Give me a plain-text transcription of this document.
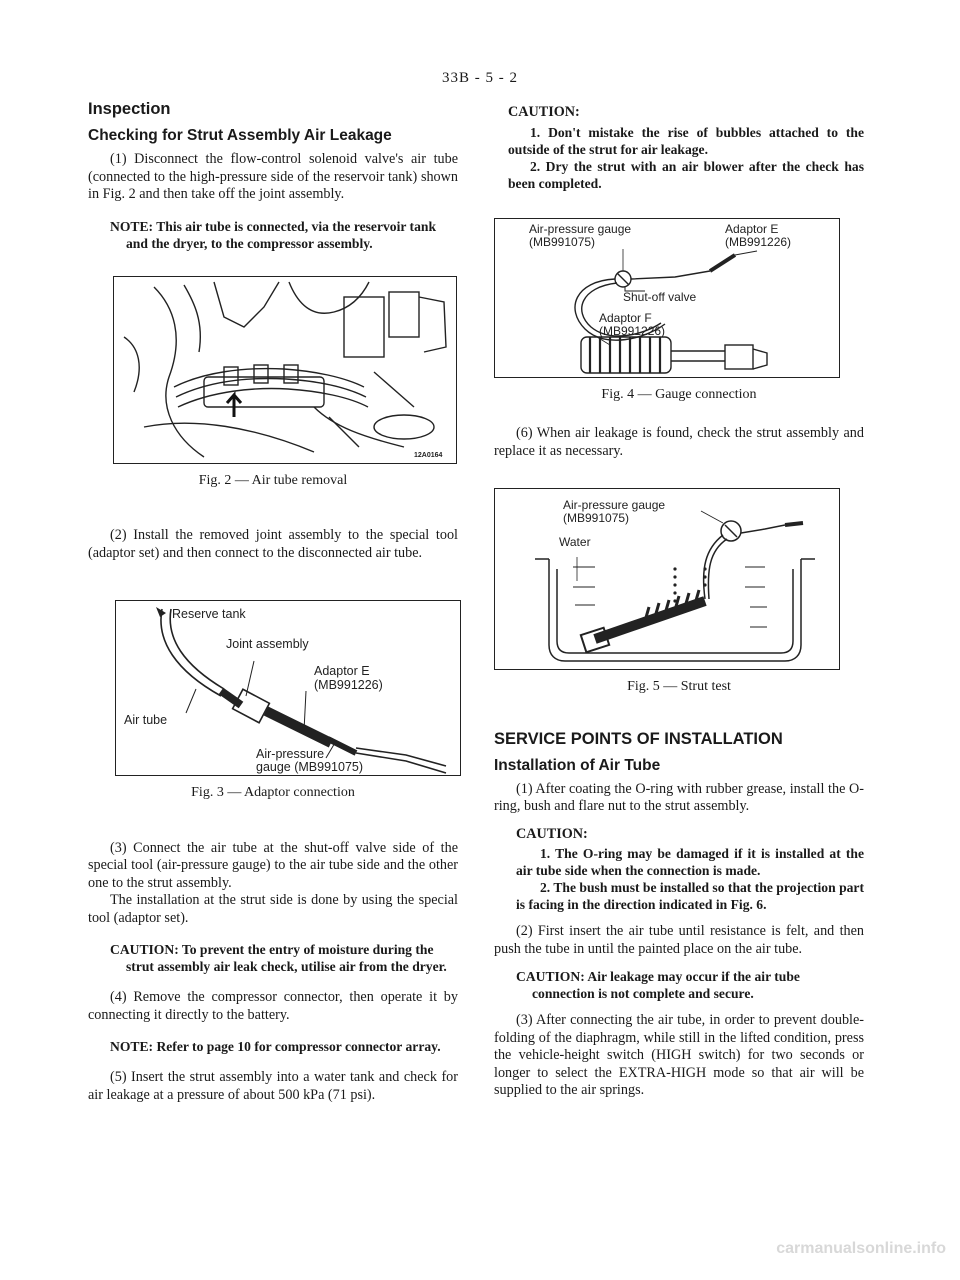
33B - 5 - 2
Inspection
Checking for Strut Assembly Air Leakage

(1) Disconnect the flow-control solenoid valve's air tube (connected to the high-pressure side of the reservoir tank) shown in Fig. 2 and then take off the joint assembly.

NOTE: This air tube is connected, via the reservoir tank and the dryer, to the compressor assembly.

12A0164

Fig. 2 — Air tube removal

(2) Install the removed joint assembly to the special tool (adaptor set) and then connect to the disconnected air tube.

Reserve tank
Joint assembly
Adaptor E
(MB991226)
Air tube
Air-pressure
gauge (MB991075)

Fig. 3 — Adaptor connection

(3) Connect the air tube at the shut-off valve side of the special tool (air-pressure gauge) to the air tube side and the other one to the strut assembly.

The installation at the strut side is done by using the special tool (adaptor set).

CAUTION: To prevent the entry of moisture during the strut assembly air leak check, utilise air from the dryer.

(4) Remove the compressor connector, then operate it by connecting it directly to the battery.

NOTE: Refer to page 10 for compressor connector array.

(5) Insert the strut assembly into a water tank and check for air leakage at a pressure of about 500 kPa (71 psi).

CAUTION:

1. Don't mistake the rise of bubbles attached to the outside of the strut for air leakage.

2. Dry the strut with an air blower after the check has been completed.

Air-pressure gauge
(MB991075)
Adaptor E
(MB991226)
Shut-off valve
Adaptor F
(MB991226)

Fig. 4 — Gauge connection

(6) When air leakage is found, check the strut assembly and replace it as necessary.

Air-pressure gauge
(MB991075)
Water

Fig. 5 — Strut test

SERVICE POINTS OF INSTALLATION
Installation of Air Tube

(1) After coating the O-ring with rubber grease, install the O-ring, bush and flare nut to the strut assembly.

CAUTION:

1. The O-ring may be damaged if it is installed at the air tube side when the connection is made.

2. The bush must be installed so that the projection part is facing in the direction indicated in Fig. 6.

(2) First insert the air tube until resistance is felt, and then push the tube in until the painted place on the air tube.

CAUTION: Air leakage may occur if the air tube connection is not complete and secure.

(3) After connecting the air tube, in order to prevent double-folding of the diaphragm, while still in the lifted condition, press the vehicle-height switch (HIGH switch) for two seconds or longer to select the EXTRA-HIGH mode so that air will be supplied to the air springs.

carmanualsonline.info
